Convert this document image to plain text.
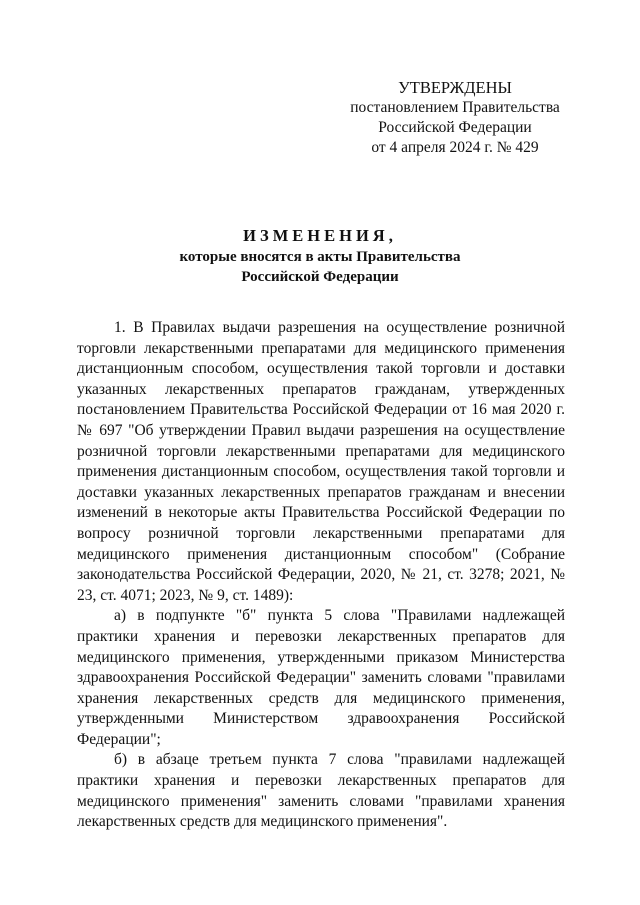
УТВЕРЖДЕНЫ
постановлением Правительства
Российской Федерации
от 4 апреля 2024 г. № 429
ИЗМЕНЕНИЯ,
которые вносятся в акты Правительства
Российской Федерации

1. В Правилах выдачи разрешения на осуществление розничной торговли лекарственными препаратами для медицинского применения дистанционным способом, осуществления такой торговли и доставки указанных лекарственных препаратов гражданам, утвержденных постановлением Правительства Российской Федерации от 16 мая 2020 г. № 697 "Об утверждении Правил выдачи разрешения на осуществление розничной торговли лекарственными препаратами для медицинского применения дистанционным способом, осуществления такой торговли и доставки указанных лекарственных препаратов гражданам и внесении изменений в некоторые акты Правительства Российской Федерации по вопросу розничной торговли лекарственными препаратами для медицинского применения дистанционным способом" (Собрание законодательства Российской Федерации, 2020, № 21, ст. 3278; 2021, № 23, ст. 4071; 2023, № 9, ст. 1489):

а) в подпункте "б" пункта 5 слова "Правилами надлежащей практики хранения и перевозки лекарственных препаратов для медицинского применения, утвержденными приказом Министерства здравоохранения Российской Федерации" заменить словами "правилами хранения лекарственных средств для медицинского применения, утвержденными Министерством здравоохранения Российской Федерации";

б) в абзаце третьем пункта 7 слова "правилами надлежащей практики хранения и перевозки лекарственных препаратов для медицинского применения" заменить словами "правилами хранения лекарственных средств для медицинского применения".
